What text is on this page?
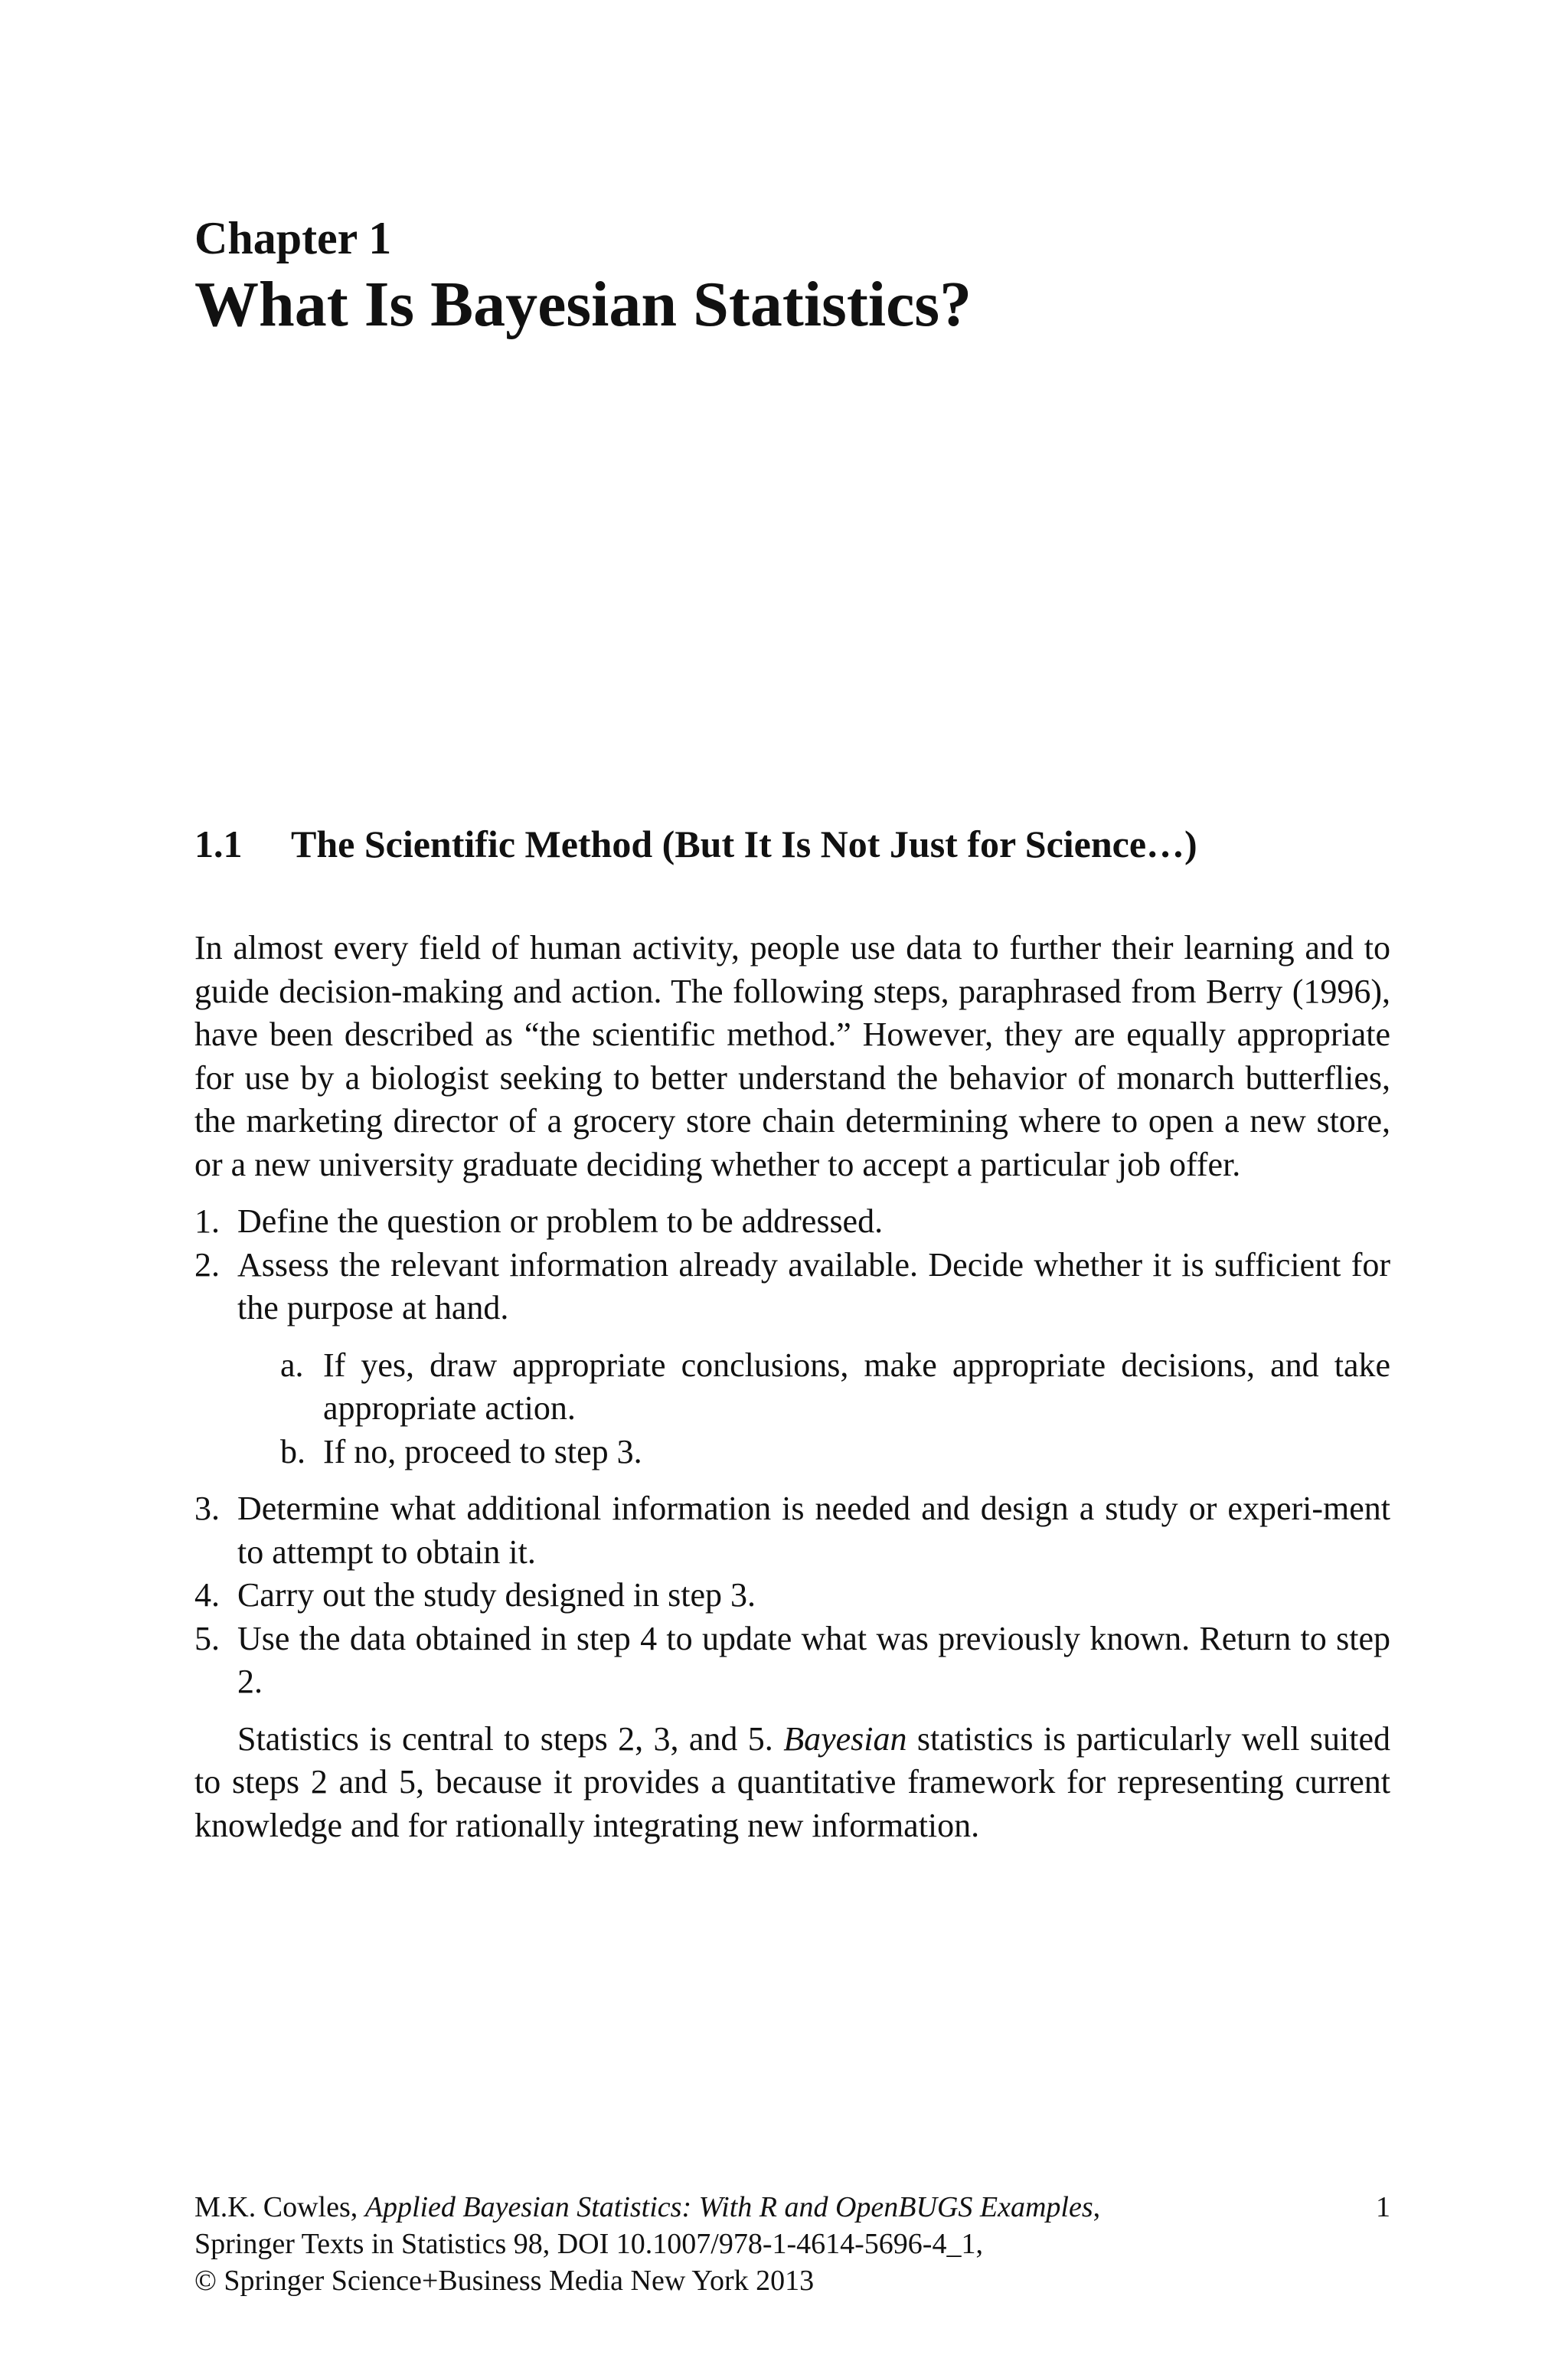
Chapter 1
What Is Bayesian Statistics?
1.1 The Scientific Method (But It Is Not Just for Science…)

In almost every field of human activity, people use data to further their learning and to guide decision-making and action. The following steps, paraphrased from Berry (1996), have been described as “the scientific method.” However, they are equally appropriate for use by a biologist seeking to better understand the behavior of monarch butterflies, the marketing director of a grocery store chain determining where to open a new store, or a new university graduate deciding whether to accept a particular job offer.

1. Define the question or problem to be addressed.
2. Assess the relevant information already available. Decide whether it is sufficient for the purpose at hand.
a. If yes, draw appropriate conclusions, make appropriate decisions, and take appropriate action.
b. If no, proceed to step 3.
3. Determine what additional information is needed and design a study or experi-ment to attempt to obtain it.
4. Carry out the study designed in step 3.
5. Use the data obtained in step 4 to update what was previously known. Return to step 2.

Statistics is central to steps 2, 3, and 5. Bayesian statistics is particularly well suited to steps 2 and 5, because it provides a quantitative framework for representing current knowledge and for rationally integrating new information.

M.K. Cowles, Applied Bayesian Statistics: With R and OpenBUGS Examples,
Springer Texts in Statistics 98, DOI 10.1007/978-1-4614-5696-4_1,
© Springer Science+Business Media New York 2013
1
